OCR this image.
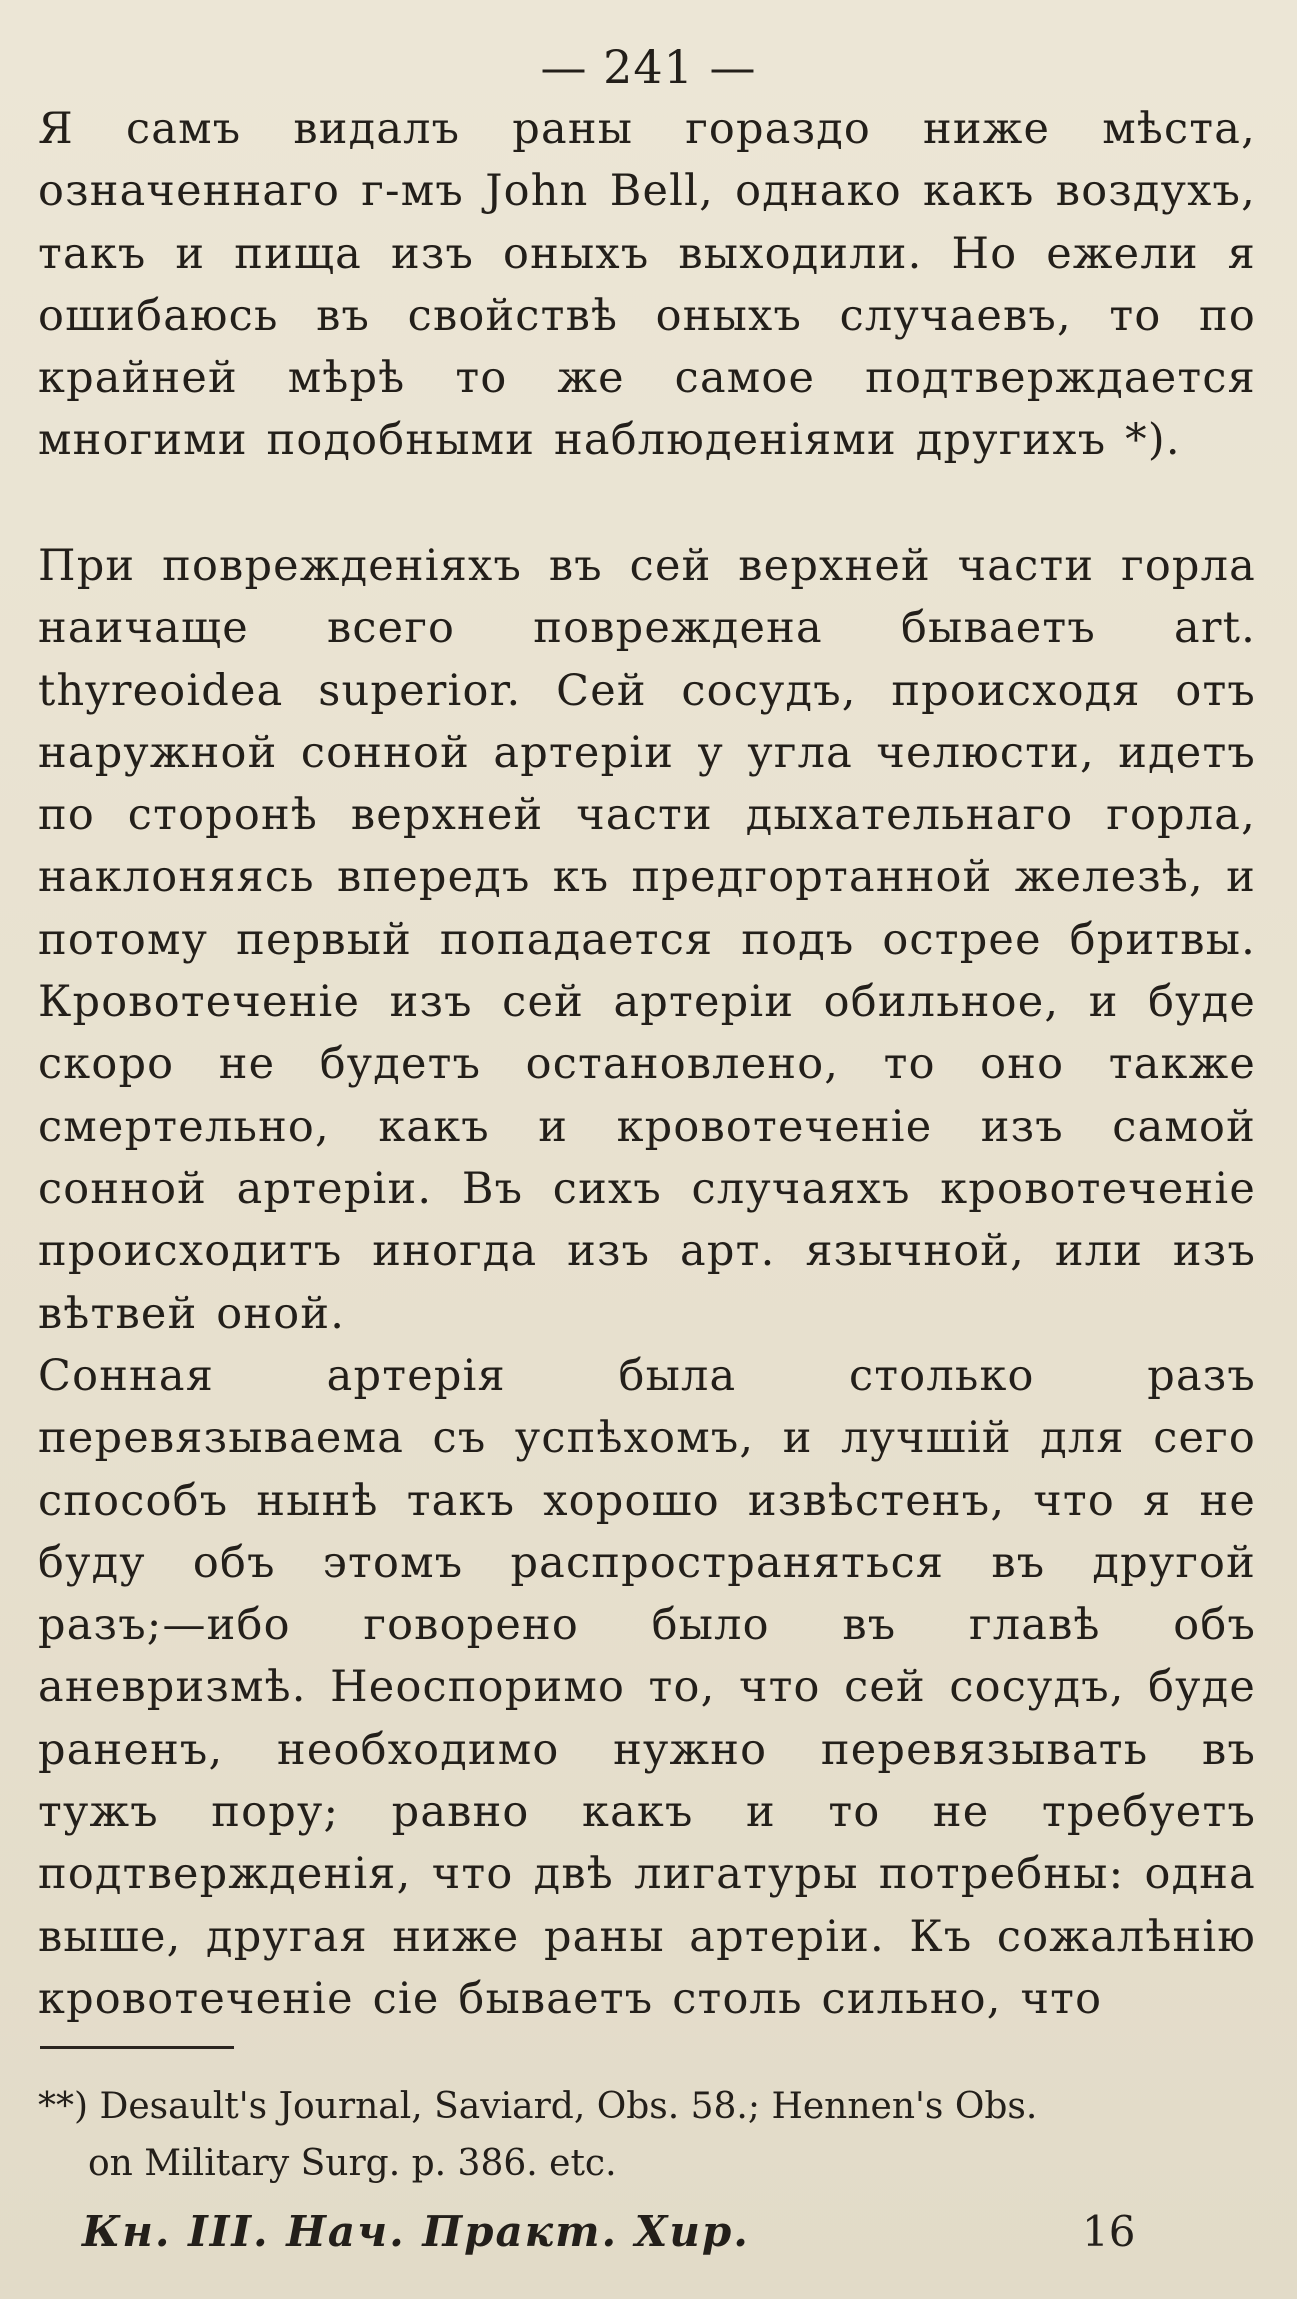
— 241 —

Я самъ видалъ раны гораздо ниже мѣста, означеннаго г-мъ John Bell, однако какъ воздухъ, такъ и пища изъ оныхъ выходили. Но ежели я ошибаюсь въ свойствѣ оныхъ случаевъ, то по крайней мѣрѣ то же самое подтверждается многими подобными наблюденіями другихъ *).

При поврежденіяхъ въ сей верхней части горла наичаще всего повреждена бываетъ art. thyreoidea superior. Сей сосудъ, происходя отъ наружной сонной артеріи у угла челюсти, идетъ по сторонѣ верхней части дыхательнаго горла, наклоняясь впередъ къ предгортанной железѣ, и потому первый попадается подъ острее бритвы. Кровотеченіе изъ сей артеріи обильное, и буде скоро не будетъ остановлено, то оно также смертельно, какъ и кровотеченіе изъ самой сонной артеріи. Въ сихъ случаяхъ кровотеченіе происходитъ иногда изъ арт. язычной, или изъ вѣтвей оной.

Сонная артерія была столько разъ перевязываема съ успѣхомъ, и лучшій для сего способъ нынѣ такъ хорошо извѣстенъ, что я не буду объ этомъ распространяться въ другой разъ;—ибо говорено было въ главѣ объ аневризмѣ. Неоспоримо то, что сей сосудъ, буде раненъ, необходимо нужно перевязывать въ тужъ пору; равно какъ и то не требуетъ подтвержденія, что двѣ лигатуры потребны: одна выше, другая ниже раны артеріи. Къ сожалѣнію кровотеченіе сіе бываетъ столь сильно, что

**) Desault's Journal, Saviard, Obs. 58.; Hennen's Obs.
on Military Surg. p. 386. etc.

Кн. III. Нач. Практ. Хир.	16
